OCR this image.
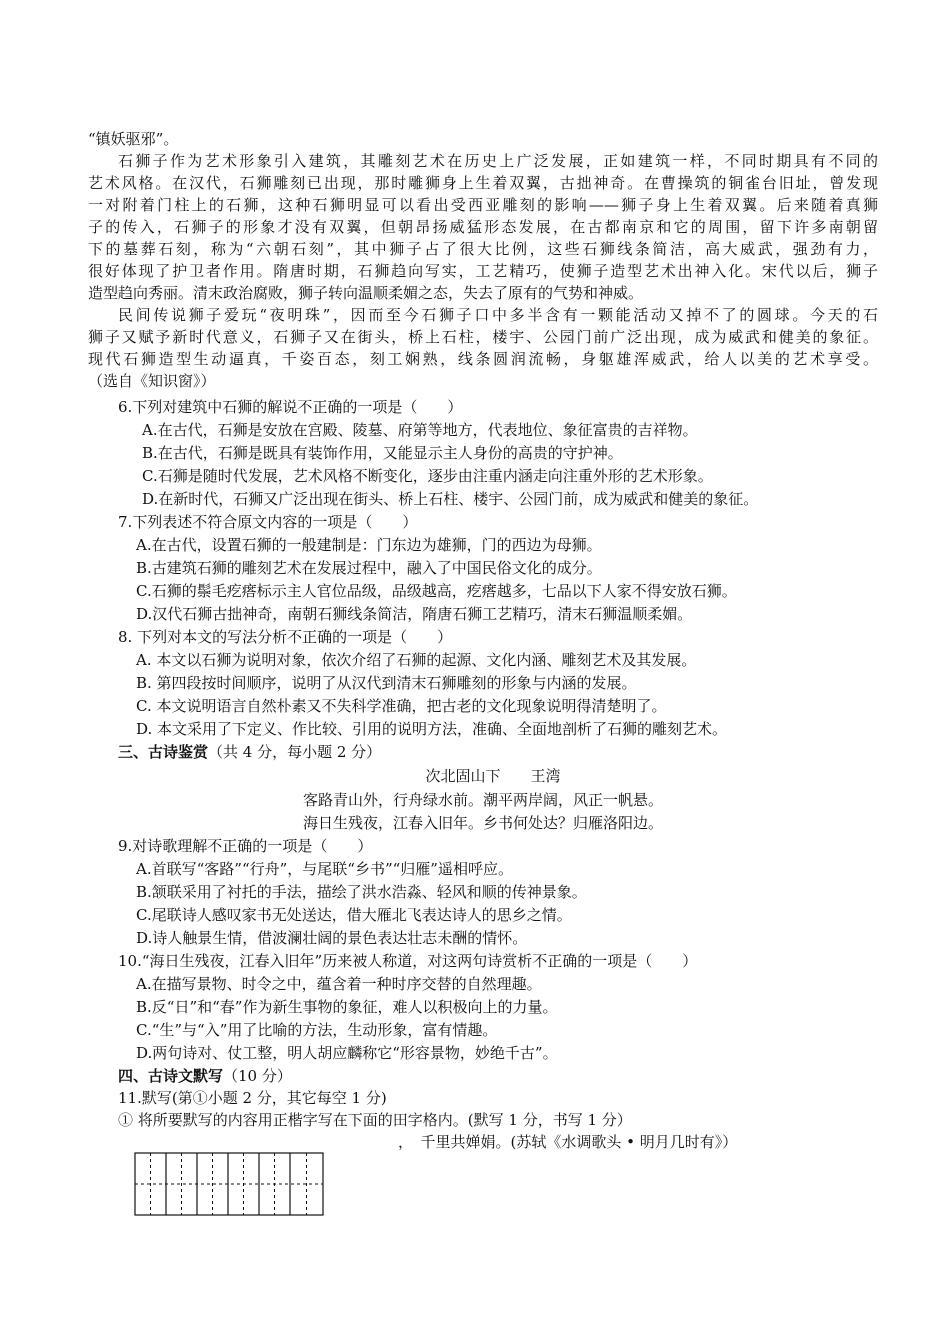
“镇妖驱邪”。
石狮子作为艺术形象引入建筑，其雕刻艺术在历史上广泛发展，正如建筑一样，不同时期具有不同的
艺术风格。在汉代，石狮雕刻已出现，那时雕狮身上生着双翼，古拙神奇。在曹操筑的铜雀台旧址，曾发现
一对附着门柱上的石狮，这种石狮明显可以看出受西亚雕刻的影响——狮子身上生着双翼。后来随着真狮
子的传入，石狮子的形象才没有双翼，但朝昂扬威猛形态发展，在古都南京和它的周围，留下许多南朝留
下的墓葬石刻，称为“六朝石刻”，其中狮子占了很大比例，这些石狮线条简洁，高大威武，强劲有力，
很好体现了护卫者作用。隋唐时期，石狮趋向写实，工艺精巧，使狮子造型艺术出神入化。宋代以后，狮子
造型趋向秀丽。清末政治腐败，狮子转向温顺柔媚之态，失去了原有的气势和神威。
民间传说狮子爱玩“夜明珠”，因而至今石狮子口中多半含有一颗能活动又掉不了的圆球。今天的石
狮子又赋予新时代意义，石狮子又在街头，桥上石柱，楼宇、公园门前广泛出现，成为威武和健美的象征。
现代石狮造型生动逼真，千姿百态，刻工娴熟，线条圆润流畅，身躯雄浑威武，给人以美的艺术享受。
（选自《知识窗》）
6.下列对建筑中石狮的解说不正确的一项是（　　）
A.在古代，石狮是安放在宫殿、陵墓、府第等地方，代表地位、象征富贵的吉祥物。
B.在古代，石狮是既具有装饰作用，又能显示主人身份的高贵的守护神。
C.石狮是随时代发展，艺术风格不断变化，逐步由注重内涵走向注重外形的艺术形象。
D.在新时代，石狮又广泛出现在街头、桥上石柱、楼宇、公园门前，成为威武和健美的象征。
7.下列表述不符合原文内容的一项是（　　）
A.在古代，设置石狮的一般建制是：门东边为雄狮，门的西边为母狮。
B.古建筑石狮的雕刻艺术在发展过程中，融入了中国民俗文化的成分。
C.石狮的鬃毛疙瘩标示主人官位品级，品级越高，疙瘩越多，七品以下人家不得安放石狮。
D.汉代石狮古拙神奇，南朝石狮线条简洁，隋唐石狮工艺精巧，清末石狮温顺柔媚。
8. 下列对本文的写法分析不正确的一项是（　　）
A. 本文以石狮为说明对象，依次介绍了石狮的起源、文化内涵、雕刻艺术及其发展。
B. 第四段按时间顺序，说明了从汉代到清末石狮雕刻的形象与内涵的发展。
C. 本文说明语言自然朴素又不失科学准确，把古老的文化现象说明得清楚明了。
D. 本文采用了下定义、作比较、引用的说明方法，准确、全面地剖析了石狮的雕刻艺术。
三、古诗鉴赏（共 4 分，每小题 2 分）
次北固山下　　王湾
客路青山外，行舟绿水前。潮平两岸阔，风正一帆悬。
海日生残夜，江春入旧年。乡书何处达？归雁洛阳边。
9.对诗歌理解不正确的一项是（　　）
A.首联写“客路”“行舟”，与尾联“乡书”“归雁”遥相呼应。
B.颔联采用了衬托的手法，描绘了洪水浩淼、轻风和顺的传神景象。
C.尾联诗人感叹家书无处送达，借大雁北飞表达诗人的思乡之情。
D.诗人触景生情，借波澜壮阔的景色表达壮志未酬的情怀。
10.“海日生残夜，江春入旧年”历来被人称道，对这两句诗赏析不正确的一项是（　　）
A.在描写景物、时令之中，蕴含着一种时序交替的自然理趣。
B.反“日”和“春”作为新生事物的象征，难人以积极向上的力量。
C.“生”与“入”用了比喻的方法，生动形象，富有情趣。
D.两句诗对、仗工整，明人胡应麟称它“形容景物，妙绝千古”。
四、古诗文默写（10 分）
11.默写(第①小题 2 分，其它每空 1 分)
① 将所要默写的内容用正楷字写在下面的田字格内。(默写 1 分，书写 1 分）
，　千里共婵娟。(苏轼《水调歌头 • 明月几时有》）
